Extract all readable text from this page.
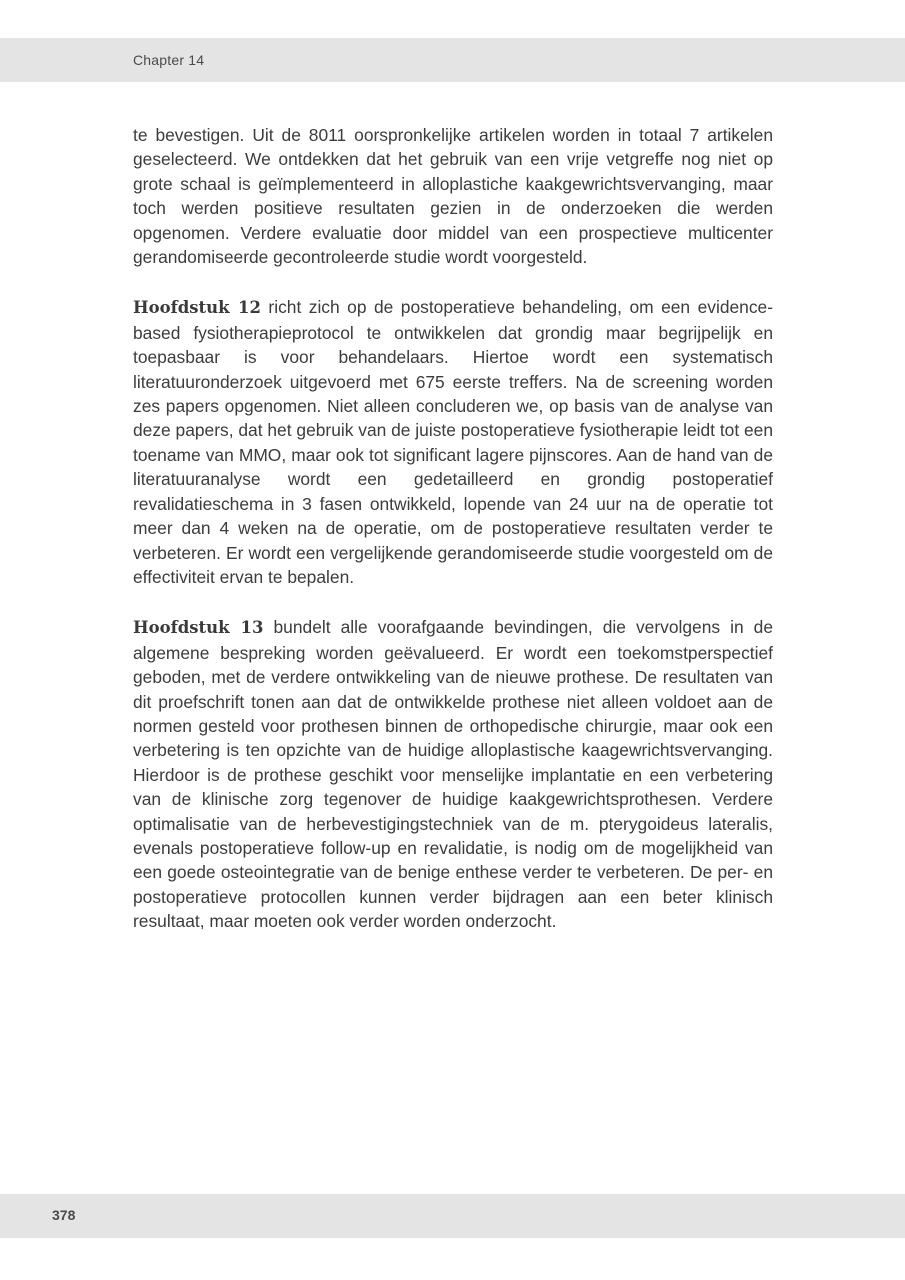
Chapter 14

te bevestigen. Uit de 8011 oorspronkelijke artikelen worden in totaal 7 artikelen geselecteerd. We ontdekken dat het gebruik van een vrije vetgreffe nog niet op grote schaal is geïmplementeerd in alloplastiche kaakgewrichtsvervanging, maar toch werden positieve resultaten gezien in de onderzoeken die werden opgenomen. Verdere evaluatie door middel van een prospectieve multicenter gerandomiseerde gecontroleerde studie wordt voorgesteld.

Hoofdstuk 12 richt zich op de postoperatieve behandeling, om een evidence-based fysiotherapieprotocol te ontwikkelen dat grondig maar begrijpelijk en toepasbaar is voor behandelaars. Hiertoe wordt een systematisch literatuuronderzoek uitgevoerd met 675 eerste treffers. Na de screening worden zes papers opgenomen. Niet alleen concluderen we, op basis van de analyse van deze papers, dat het gebruik van de juiste postoperatieve fysiotherapie leidt tot een toename van MMO, maar ook tot significant lagere pijnscores. Aan de hand van de literatuuranalyse wordt een gedetailleerd en grondig postoperatief revalidatieschema in 3 fasen ontwikkeld, lopende van 24 uur na de operatie tot meer dan 4 weken na de operatie, om de postoperatieve resultaten verder te verbeteren. Er wordt een vergelijkende gerandomiseerde studie voorgesteld om de effectiviteit ervan te bepalen.

Hoofdstuk 13 bundelt alle voorafgaande bevindingen, die vervolgens in de algemene bespreking worden geëvalueerd. Er wordt een toekomstperspectief geboden, met de verdere ontwikkeling van de nieuwe prothese. De resultaten van dit proefschrift tonen aan dat de ontwikkelde prothese niet alleen voldoet aan de normen gesteld voor prothesen binnen de orthopedische chirurgie, maar ook een verbetering is ten opzichte van de huidige alloplastische kaagewrichtsvervanging. Hierdoor is de prothese geschikt voor menselijke implantatie en een verbetering van de klinische zorg tegenover de huidige kaakgewrichtsprothesen. Verdere optimalisatie van de herbevestigingstechniek van de m. pterygoideus lateralis, evenals postoperatieve follow-up en revalidatie, is nodig om de mogelijkheid van een goede osteointegratie van de benige enthese verder te verbeteren. De per- en postoperatieve protocollen kunnen verder bijdragen aan een beter klinisch resultaat, maar moeten ook verder worden onderzocht.

378
